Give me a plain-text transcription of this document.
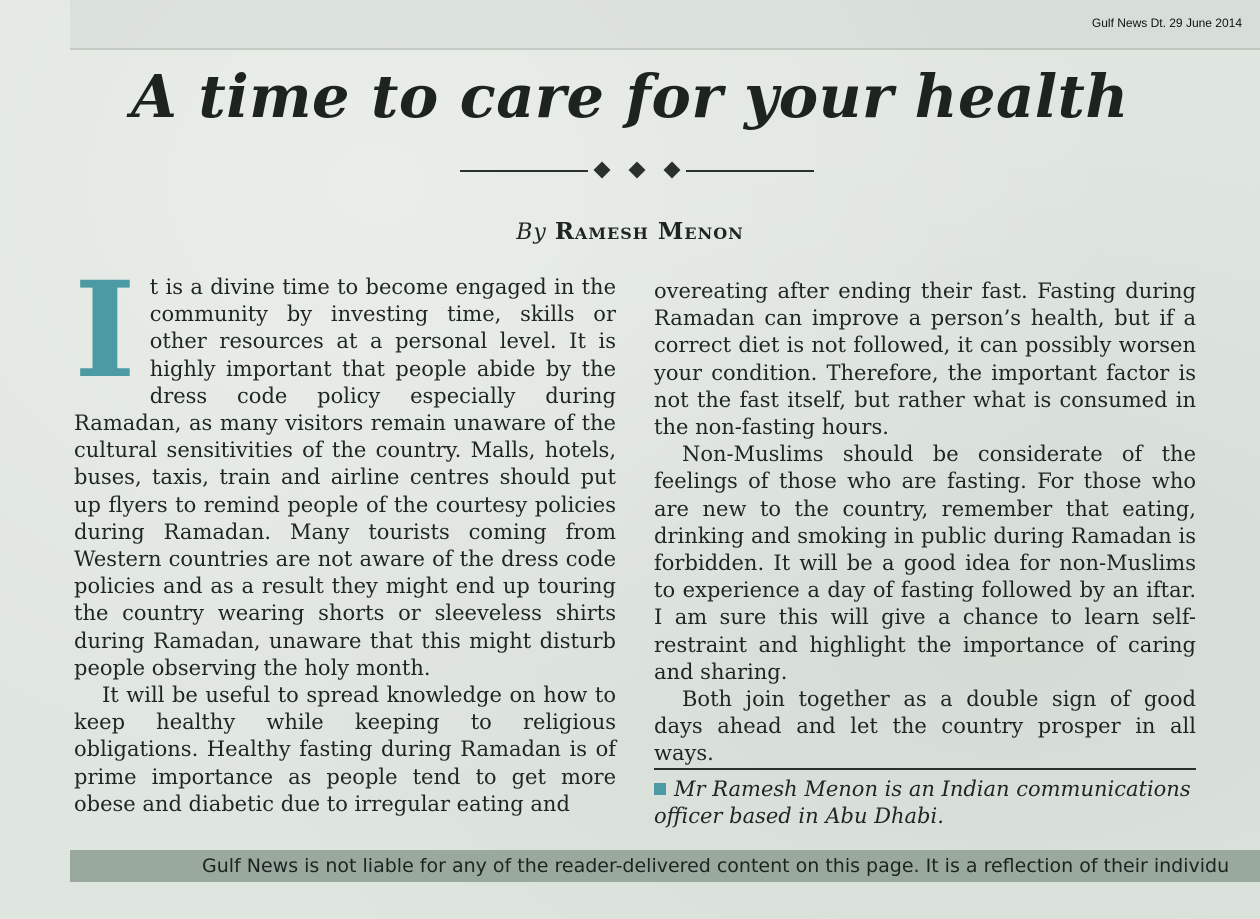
Gulf News Dt. 29 June 2014
A time to care for your health
By Ramesh Menon

It is a divine time to become engaged in the community by investing time, skills or other resources at a personal level. It is highly important that people abide by the dress code policy especially during Ramadan, as many visitors remain unaware of the cultural sensitivities of the country. Malls, hotels, buses, taxis, train and airline centres should put up flyers to remind people of the courtesy policies during Ramadan. Many tourists coming from Western countries are not aware of the dress code policies and as a result they might end up touring the country wearing shorts or sleeveless shirts during Ramadan, unaware that this might disturb people observing the holy month.

It will be useful to spread knowledge on how to keep healthy while keeping to religious obligations. Healthy fasting during Ramadan is of prime importance as people tend to get more obese and diabetic due to irregular eating and

overeating after ending their fast. Fasting during Ramadan can improve a person’s health, but if a correct diet is not followed, it can possibly worsen your condition. Therefore, the important factor is not the fast itself, but rather what is consumed in the non-fasting hours.

Non-Muslims should be considerate of the feelings of those who are fasting. For those who are new to the country, remember that eating, drinking and smoking in public during Ramadan is forbidden. It will be a good idea for non-Muslims to experience a day of fasting followed by an iftar. I am sure this will give a chance to learn self-restraint and highlight the importance of caring and sharing.

Both join together as a double sign of good days ahead and let the country prosper in all ways.

Mr Ramesh Menon is an Indian communications officer based in Abu Dhabi.
Gulf News is not liable for any of the reader-delivered content on this page. It is a reflection of their individu
